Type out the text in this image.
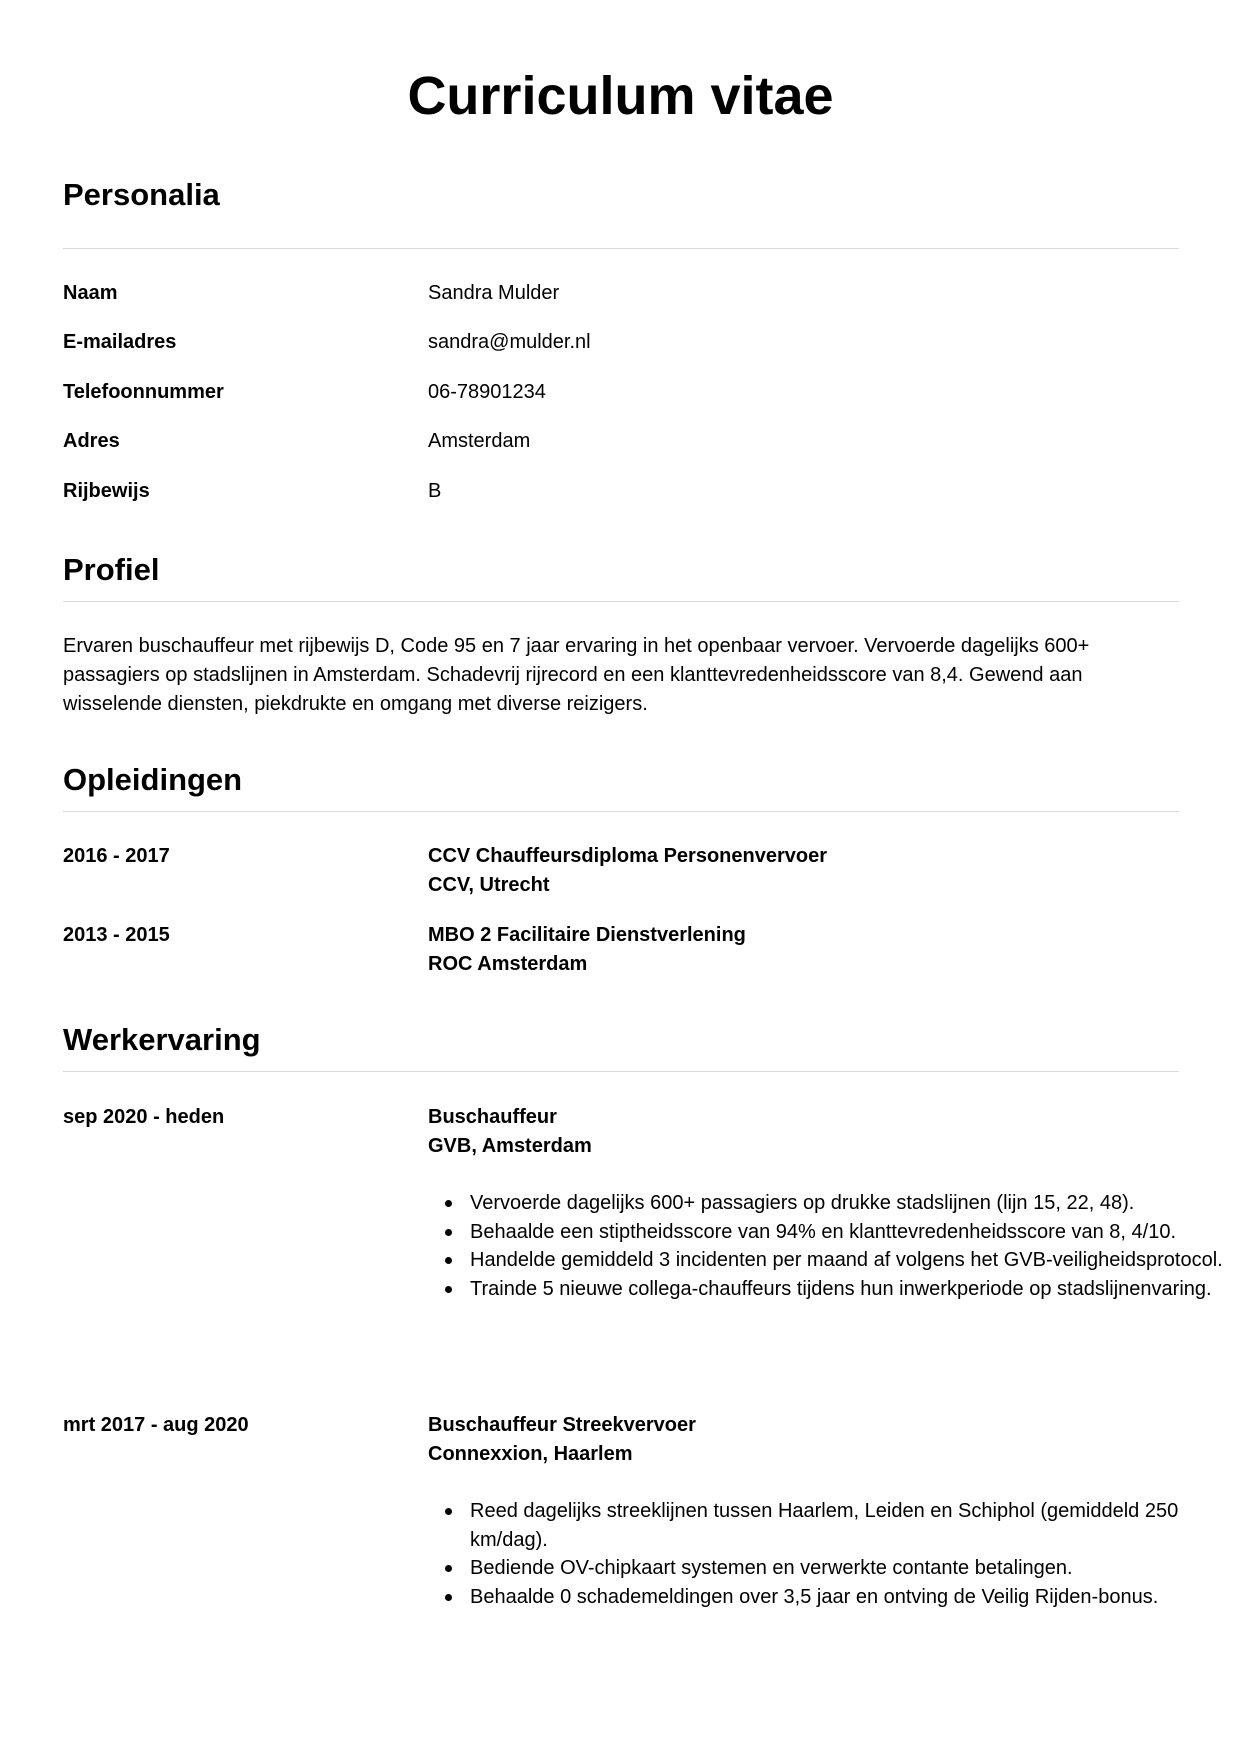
Curriculum vitae
Personalia
Naam	Sandra Mulder
E-mailadres	sandra@mulder.nl
Telefoonnummer	06-78901234
Adres	Amsterdam
Rijbewijs	B
Profiel
Ervaren buschauffeur met rijbewijs D, Code 95 en 7 jaar ervaring in het openbaar vervoer. Vervoerde dagelijks 600+ passagiers op stadslijnen in Amsterdam. Schadevrij rijrecord en een klanttevredenheidsscore van 8,4. Gewend aan wisselende diensten, piekdrukte en omgang met diverse reizigers.
Opleidingen
2016 - 2017	CCV Chauffeursdiploma Personenvervoer
CCV, Utrecht
2013 - 2015	MBO 2 Facilitaire Dienstverlening
ROC Amsterdam
Werkervaring
sep 2020 - heden	Buschauffeur
GVB, Amsterdam
Vervoerde dagelijks 600+ passagiers op drukke stadslijnen (lijn 15, 22, 48).
Behaalde een stiptheidsscore van 94% en klanttevredenheidsscore van 8, 4/10.
Handelde gemiddeld 3 incidenten per maand af volgens het GVB-veiligheidsprotocol.
Trainde 5 nieuwe collega-chauffeurs tijdens hun inwerkperiode op stadslijnenvaring.
mrt 2017 - aug 2020	Buschauffeur Streekvervoer
Connexxion, Haarlem
Reed dagelijks streeklijnen tussen Haarlem, Leiden en Schiphol (gemiddeld 250 km/dag).
Bediende OV-chipkaart systemen en verwerkte contante betalingen.
Behaalde 0 schademeldingen over 3,5 jaar en ontving de Veilig Rijden-bonus.
